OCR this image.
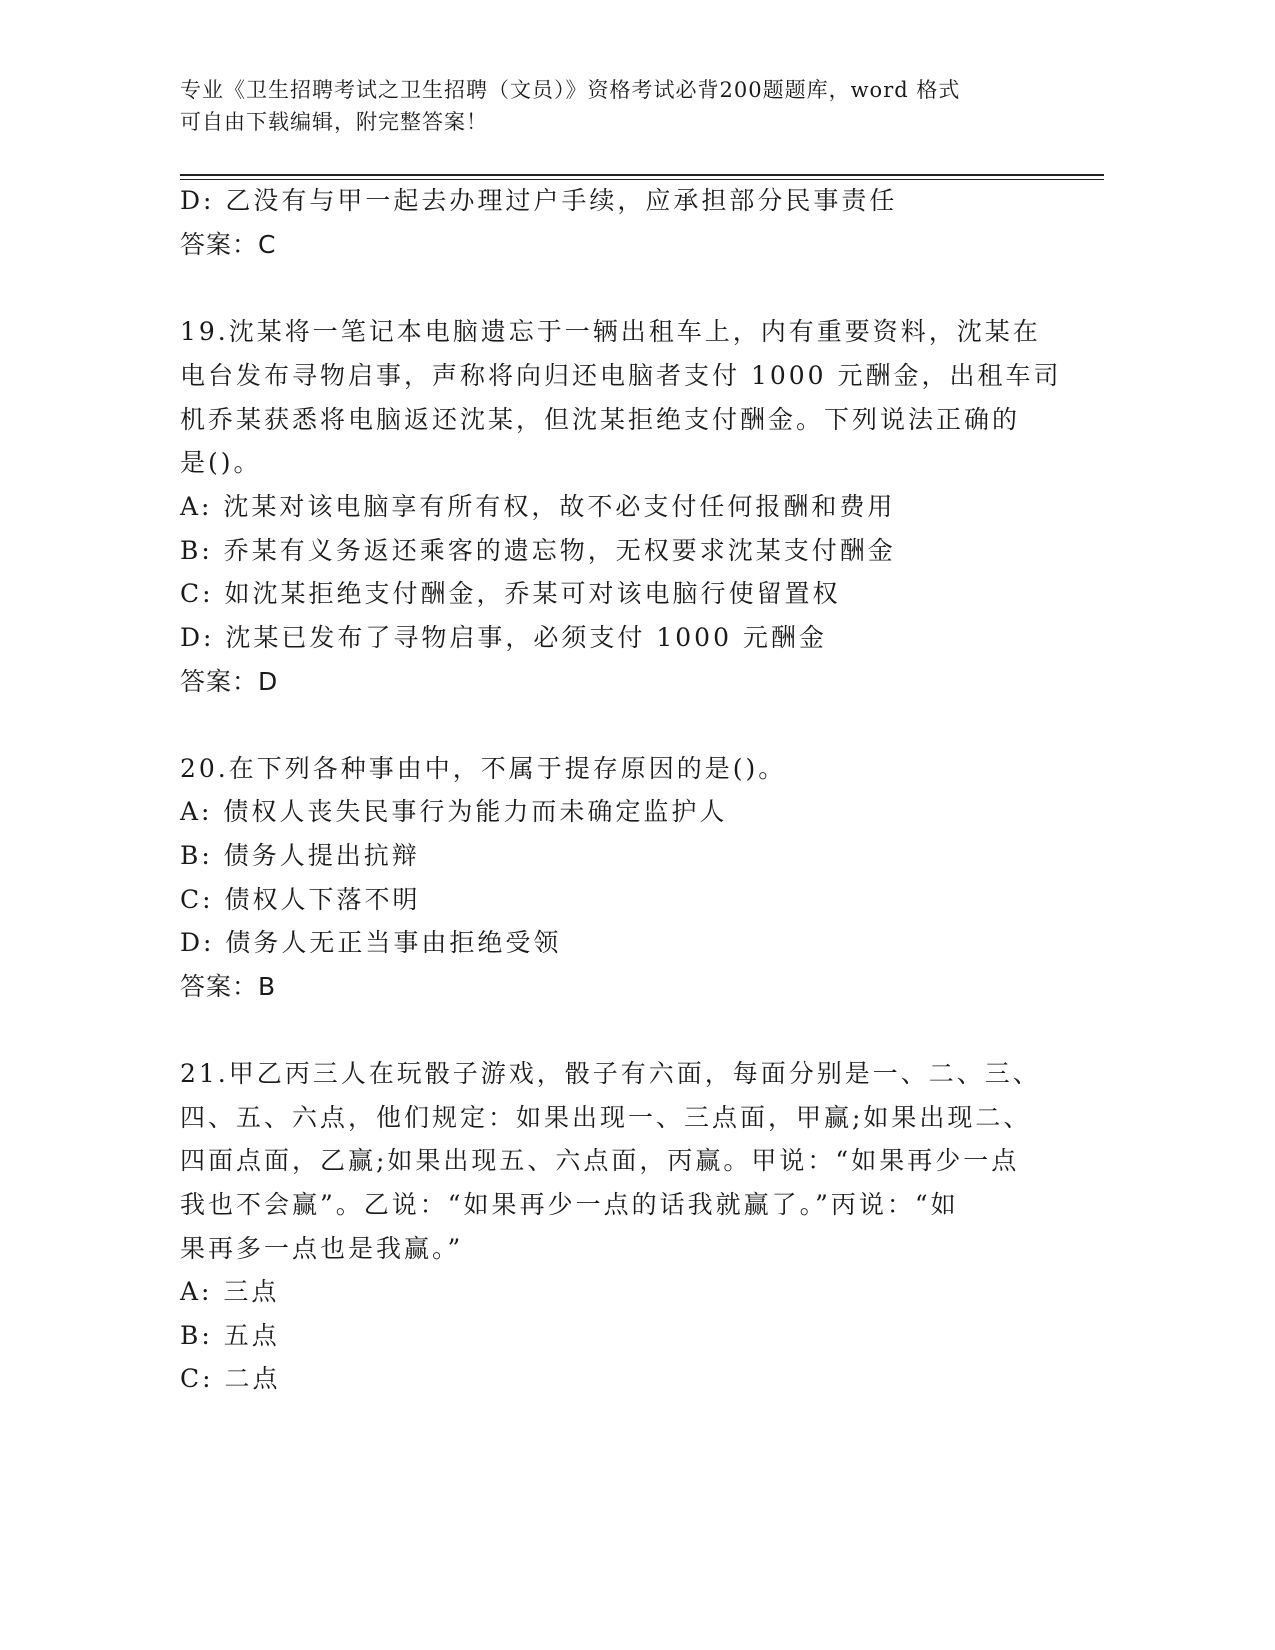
专业《卫生招聘考试之卫生招聘（文员）》资格考试必背200题题库，word 格式
可自由下载编辑，附完整答案！
D: 乙没有与甲一起去办理过户手续，应承担部分民事责任
答案：C
19.沈某将一笔记本电脑遗忘于一辆出租车上，内有重要资料，沈某在
电台发布寻物启事，声称将向归还电脑者支付 1000 元酬金，出租车司
机乔某获悉将电脑返还沈某，但沈某拒绝支付酬金。下列说法正确的
是()。
A: 沈某对该电脑享有所有权，故不必支付任何报酬和费用
B: 乔某有义务返还乘客的遗忘物，无权要求沈某支付酬金
C: 如沈某拒绝支付酬金，乔某可对该电脑行使留置权
D: 沈某已发布了寻物启事，必须支付 1000 元酬金
答案：D
20.在下列各种事由中，不属于提存原因的是()。
A: 债权人丧失民事行为能力而未确定监护人
B: 债务人提出抗辩
C: 债权人下落不明
D: 债务人无正当事由拒绝受领
答案：B
21.甲乙丙三人在玩骰子游戏，骰子有六面，每面分别是一、二、三、
四、五、六点，他们规定：如果出现一、三点面，甲赢;如果出现二、
四面点面，乙赢;如果出现五、六点面，丙赢。甲说：“如果再少一点
我也不会赢”。乙说：“如果再少一点的话我就赢了。”丙说：“如
果再多一点也是我赢。”
A: 三点
B: 五点
C: 二点
